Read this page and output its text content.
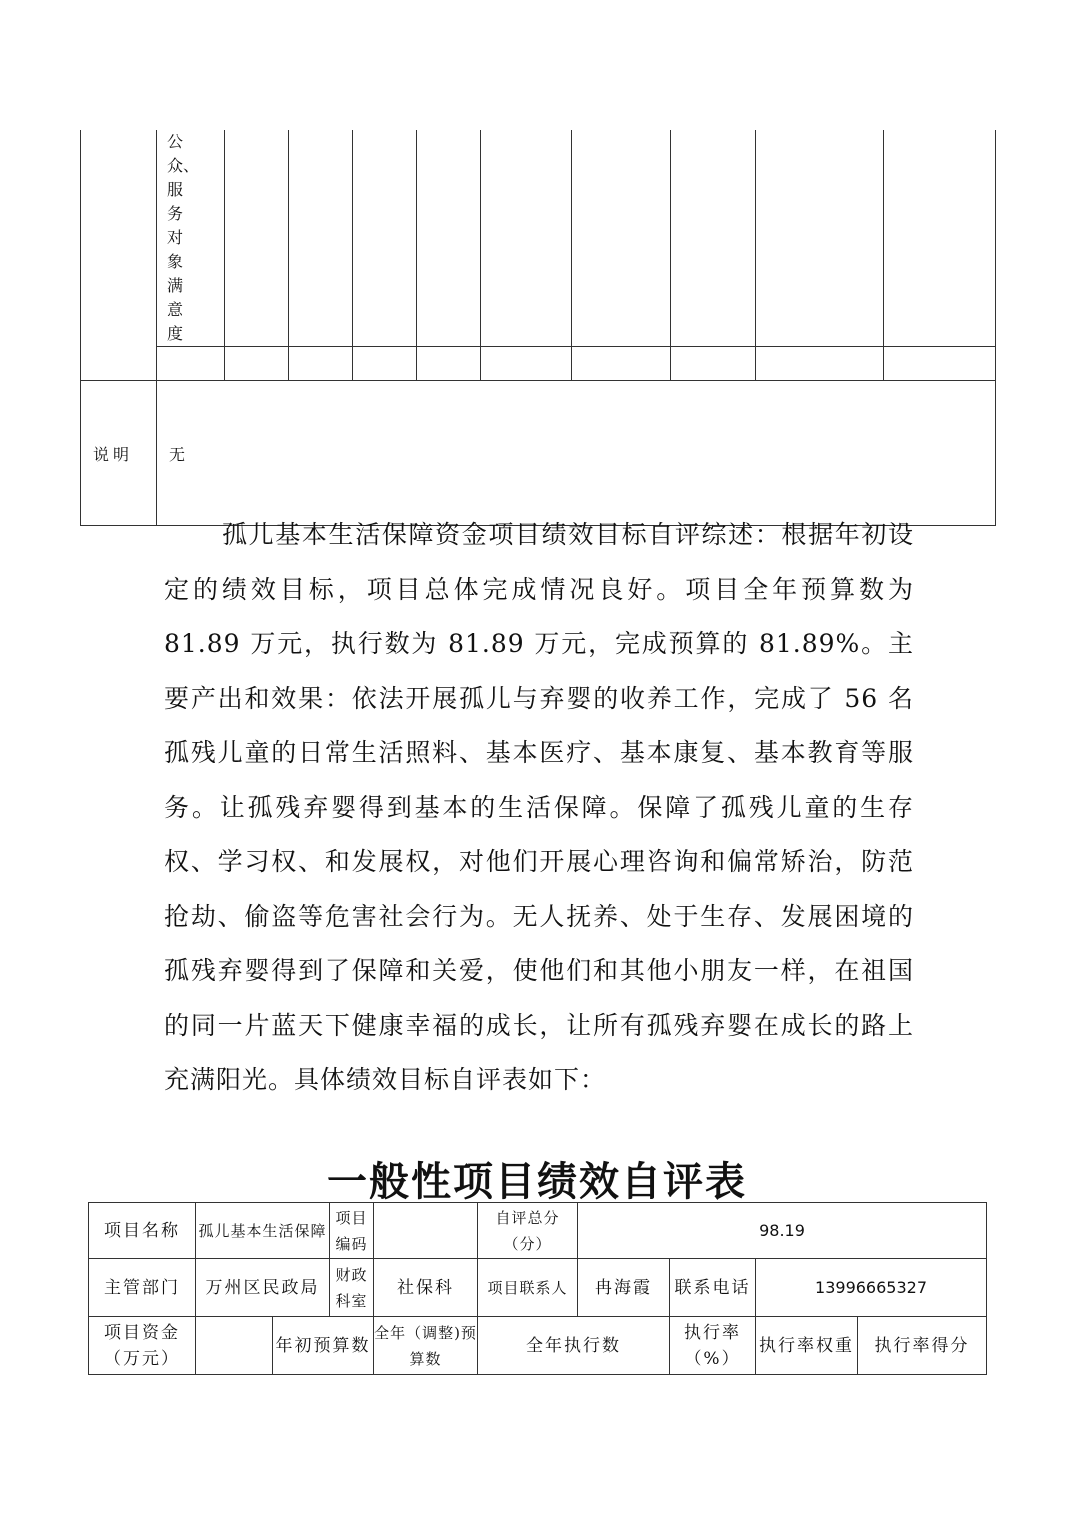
	公众、
服务
对象
满意
度									

说明	无									
孤儿基本生活保障资金项目绩效目标自评综述：根据年初设定的绩效目标，项目总体完成情况良好。项目全年预算数为 81.89 万元，执行数为 81.89 万元，完成预算的 81.89%。主要产出和效果：依法开展孤儿与弃婴的收养工作，完成了 56 名孤残儿童的日常生活照料、基本医疗、基本康复、基本教育等服务。让孤残弃婴得到基本的生活保障。保障了孤残儿童的生存权、学习权、和发展权，对他们开展心理咨询和偏常矫治，防范抢劫、偷盗等危害社会行为。无人抚养、处于生存、发展困境的孤残弃婴得到了保障和关爱，使他们和其他小朋友一样，在祖国的同一片蓝天下健康幸福的成长，让所有孤残弃婴在成长的路上充满阳光。具体绩效目标自评表如下：
一般性项目绩效自评表
项目名称	孤儿基本生活保障		项目编码		自评总分（分）	98.19			
主管部门	万州区民政局		财政科室	社保科	项目联系人	冉海霞	联系电话	13996665327	
项目资金（万元）		年初预算数		全年（调整)预算数	全年执行数		执行率（%）	执行率权重	执行率得分
